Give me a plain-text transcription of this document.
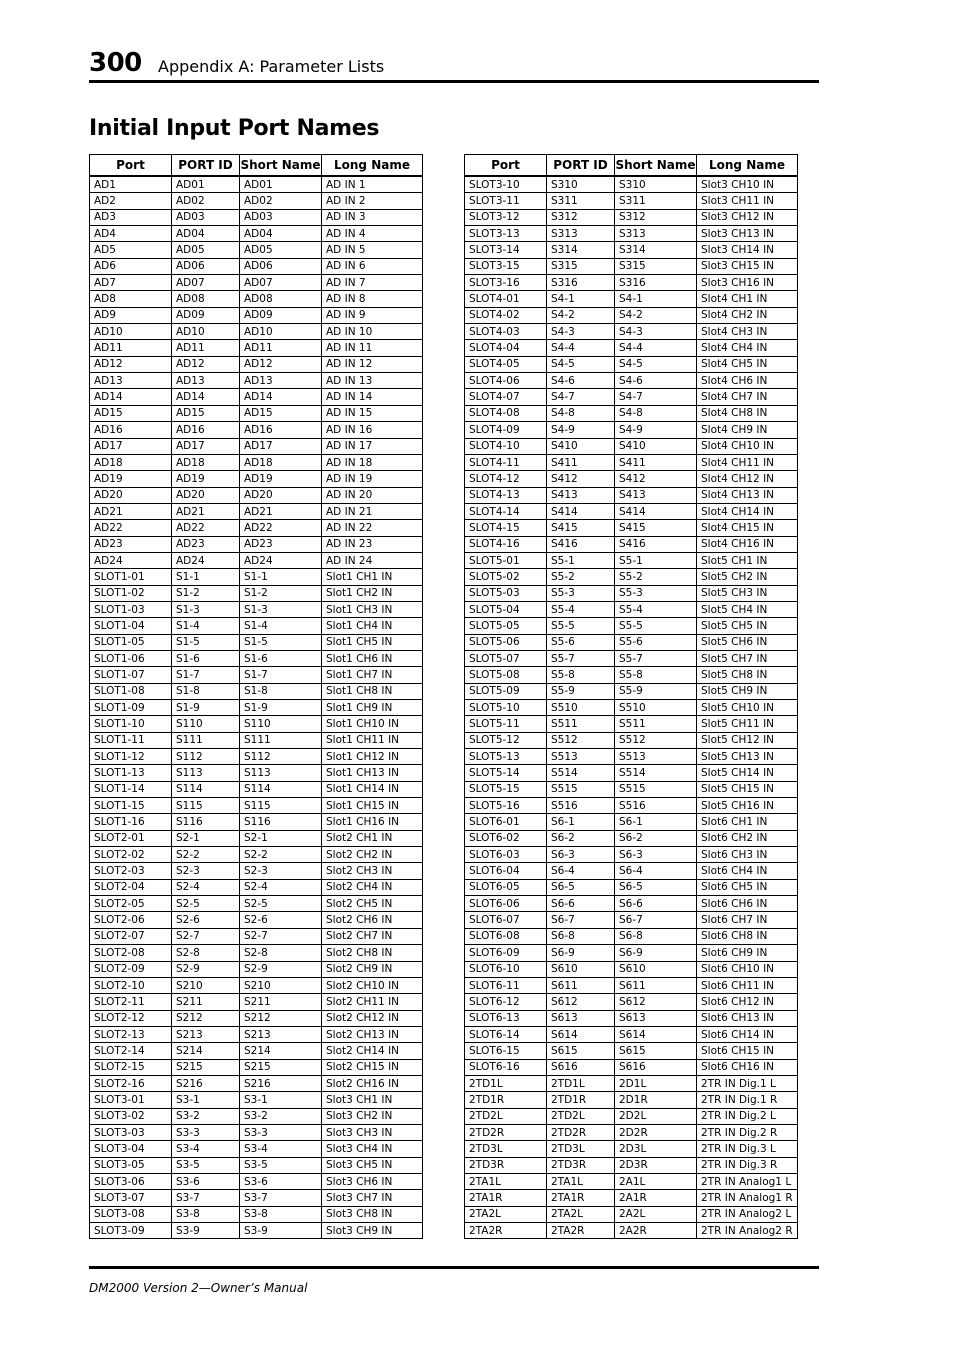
300 Appendix A: Parameter Lists
Initial Input Port Names
Port	PORT ID	Short Name	Long Name
AD1	AD01	AD01	AD IN 1
AD2	AD02	AD02	AD IN 2
AD3	AD03	AD03	AD IN 3
AD4	AD04	AD04	AD IN 4
AD5	AD05	AD05	AD IN 5
AD6	AD06	AD06	AD IN 6
AD7	AD07	AD07	AD IN 7
AD8	AD08	AD08	AD IN 8
AD9	AD09	AD09	AD IN 9
AD10	AD10	AD10	AD IN 10
AD11	AD11	AD11	AD IN 11
AD12	AD12	AD12	AD IN 12
AD13	AD13	AD13	AD IN 13
AD14	AD14	AD14	AD IN 14
AD15	AD15	AD15	AD IN 15
AD16	AD16	AD16	AD IN 16
AD17	AD17	AD17	AD IN 17
AD18	AD18	AD18	AD IN 18
AD19	AD19	AD19	AD IN 19
AD20	AD20	AD20	AD IN 20
AD21	AD21	AD21	AD IN 21
AD22	AD22	AD22	AD IN 22
AD23	AD23	AD23	AD IN 23
AD24	AD24	AD24	AD IN 24
SLOT1-01	S1-1	S1-1	Slot1 CH1 IN
SLOT1-02	S1-2	S1-2	Slot1 CH2 IN
SLOT1-03	S1-3	S1-3	Slot1 CH3 IN
SLOT1-04	S1-4	S1-4	Slot1 CH4 IN
SLOT1-05	S1-5	S1-5	Slot1 CH5 IN
SLOT1-06	S1-6	S1-6	Slot1 CH6 IN
SLOT1-07	S1-7	S1-7	Slot1 CH7 IN
SLOT1-08	S1-8	S1-8	Slot1 CH8 IN
SLOT1-09	S1-9	S1-9	Slot1 CH9 IN
SLOT1-10	S110	S110	Slot1 CH10 IN
SLOT1-11	S111	S111	Slot1 CH11 IN
SLOT1-12	S112	S112	Slot1 CH12 IN
SLOT1-13	S113	S113	Slot1 CH13 IN
SLOT1-14	S114	S114	Slot1 CH14 IN
SLOT1-15	S115	S115	Slot1 CH15 IN
SLOT1-16	S116	S116	Slot1 CH16 IN
SLOT2-01	S2-1	S2-1	Slot2 CH1 IN
SLOT2-02	S2-2	S2-2	Slot2 CH2 IN
SLOT2-03	S2-3	S2-3	Slot2 CH3 IN
SLOT2-04	S2-4	S2-4	Slot2 CH4 IN
SLOT2-05	S2-5	S2-5	Slot2 CH5 IN
SLOT2-06	S2-6	S2-6	Slot2 CH6 IN
SLOT2-07	S2-7	S2-7	Slot2 CH7 IN
SLOT2-08	S2-8	S2-8	Slot2 CH8 IN
SLOT2-09	S2-9	S2-9	Slot2 CH9 IN
SLOT2-10	S210	S210	Slot2 CH10 IN
SLOT2-11	S211	S211	Slot2 CH11 IN
SLOT2-12	S212	S212	Slot2 CH12 IN
SLOT2-13	S213	S213	Slot2 CH13 IN
SLOT2-14	S214	S214	Slot2 CH14 IN
SLOT2-15	S215	S215	Slot2 CH15 IN
SLOT2-16	S216	S216	Slot2 CH16 IN
SLOT3-01	S3-1	S3-1	Slot3 CH1 IN
SLOT3-02	S3-2	S3-2	Slot3 CH2 IN
SLOT3-03	S3-3	S3-3	Slot3 CH3 IN
SLOT3-04	S3-4	S3-4	Slot3 CH4 IN
SLOT3-05	S3-5	S3-5	Slot3 CH5 IN
SLOT3-06	S3-6	S3-6	Slot3 CH6 IN
SLOT3-07	S3-7	S3-7	Slot3 CH7 IN
SLOT3-08	S3-8	S3-8	Slot3 CH8 IN
SLOT3-09	S3-9	S3-9	Slot3 CH9 IN
Port	PORT ID	Short Name	Long Name
SLOT3-10	S310	S310	Slot3 CH10 IN
SLOT3-11	S311	S311	Slot3 CH11 IN
SLOT3-12	S312	S312	Slot3 CH12 IN
SLOT3-13	S313	S313	Slot3 CH13 IN
SLOT3-14	S314	S314	Slot3 CH14 IN
SLOT3-15	S315	S315	Slot3 CH15 IN
SLOT3-16	S316	S316	Slot3 CH16 IN
SLOT4-01	S4-1	S4-1	Slot4 CH1 IN
SLOT4-02	S4-2	S4-2	Slot4 CH2 IN
SLOT4-03	S4-3	S4-3	Slot4 CH3 IN
SLOT4-04	S4-4	S4-4	Slot4 CH4 IN
SLOT4-05	S4-5	S4-5	Slot4 CH5 IN
SLOT4-06	S4-6	S4-6	Slot4 CH6 IN
SLOT4-07	S4-7	S4-7	Slot4 CH7 IN
SLOT4-08	S4-8	S4-8	Slot4 CH8 IN
SLOT4-09	S4-9	S4-9	Slot4 CH9 IN
SLOT4-10	S410	S410	Slot4 CH10 IN
SLOT4-11	S411	S411	Slot4 CH11 IN
SLOT4-12	S412	S412	Slot4 CH12 IN
SLOT4-13	S413	S413	Slot4 CH13 IN
SLOT4-14	S414	S414	Slot4 CH14 IN
SLOT4-15	S415	S415	Slot4 CH15 IN
SLOT4-16	S416	S416	Slot4 CH16 IN
SLOT5-01	S5-1	S5-1	Slot5 CH1 IN
SLOT5-02	S5-2	S5-2	Slot5 CH2 IN
SLOT5-03	S5-3	S5-3	Slot5 CH3 IN
SLOT5-04	S5-4	S5-4	Slot5 CH4 IN
SLOT5-05	S5-5	S5-5	Slot5 CH5 IN
SLOT5-06	S5-6	S5-6	Slot5 CH6 IN
SLOT5-07	S5-7	S5-7	Slot5 CH7 IN
SLOT5-08	S5-8	S5-8	Slot5 CH8 IN
SLOT5-09	S5-9	S5-9	Slot5 CH9 IN
SLOT5-10	S510	S510	Slot5 CH10 IN
SLOT5-11	S511	S511	Slot5 CH11 IN
SLOT5-12	S512	S512	Slot5 CH12 IN
SLOT5-13	S513	S513	Slot5 CH13 IN
SLOT5-14	S514	S514	Slot5 CH14 IN
SLOT5-15	S515	S515	Slot5 CH15 IN
SLOT5-16	S516	S516	Slot5 CH16 IN
SLOT6-01	S6-1	S6-1	Slot6 CH1 IN
SLOT6-02	S6-2	S6-2	Slot6 CH2 IN
SLOT6-03	S6-3	S6-3	Slot6 CH3 IN
SLOT6-04	S6-4	S6-4	Slot6 CH4 IN
SLOT6-05	S6-5	S6-5	Slot6 CH5 IN
SLOT6-06	S6-6	S6-6	Slot6 CH6 IN
SLOT6-07	S6-7	S6-7	Slot6 CH7 IN
SLOT6-08	S6-8	S6-8	Slot6 CH8 IN
SLOT6-09	S6-9	S6-9	Slot6 CH9 IN
SLOT6-10	S610	S610	Slot6 CH10 IN
SLOT6-11	S611	S611	Slot6 CH11 IN
SLOT6-12	S612	S612	Slot6 CH12 IN
SLOT6-13	S613	S613	Slot6 CH13 IN
SLOT6-14	S614	S614	Slot6 CH14 IN
SLOT6-15	S615	S615	Slot6 CH15 IN
SLOT6-16	S616	S616	Slot6 CH16 IN
2TD1L	2TD1L	2D1L	2TR IN Dig.1 L
2TD1R	2TD1R	2D1R	2TR IN Dig.1 R
2TD2L	2TD2L	2D2L	2TR IN Dig.2 L
2TD2R	2TD2R	2D2R	2TR IN Dig.2 R
2TD3L	2TD3L	2D3L	2TR IN Dig.3 L
2TD3R	2TD3R	2D3R	2TR IN Dig.3 R
2TA1L	2TA1L	2A1L	2TR IN Analog1 L
2TA1R	2TA1R	2A1R	2TR IN Analog1 R
2TA2L	2TA2L	2A2L	2TR IN Analog2 L
2TA2R	2TA2R	2A2R	2TR IN Analog2 R
DM2000 Version 2—Owner’s Manual
